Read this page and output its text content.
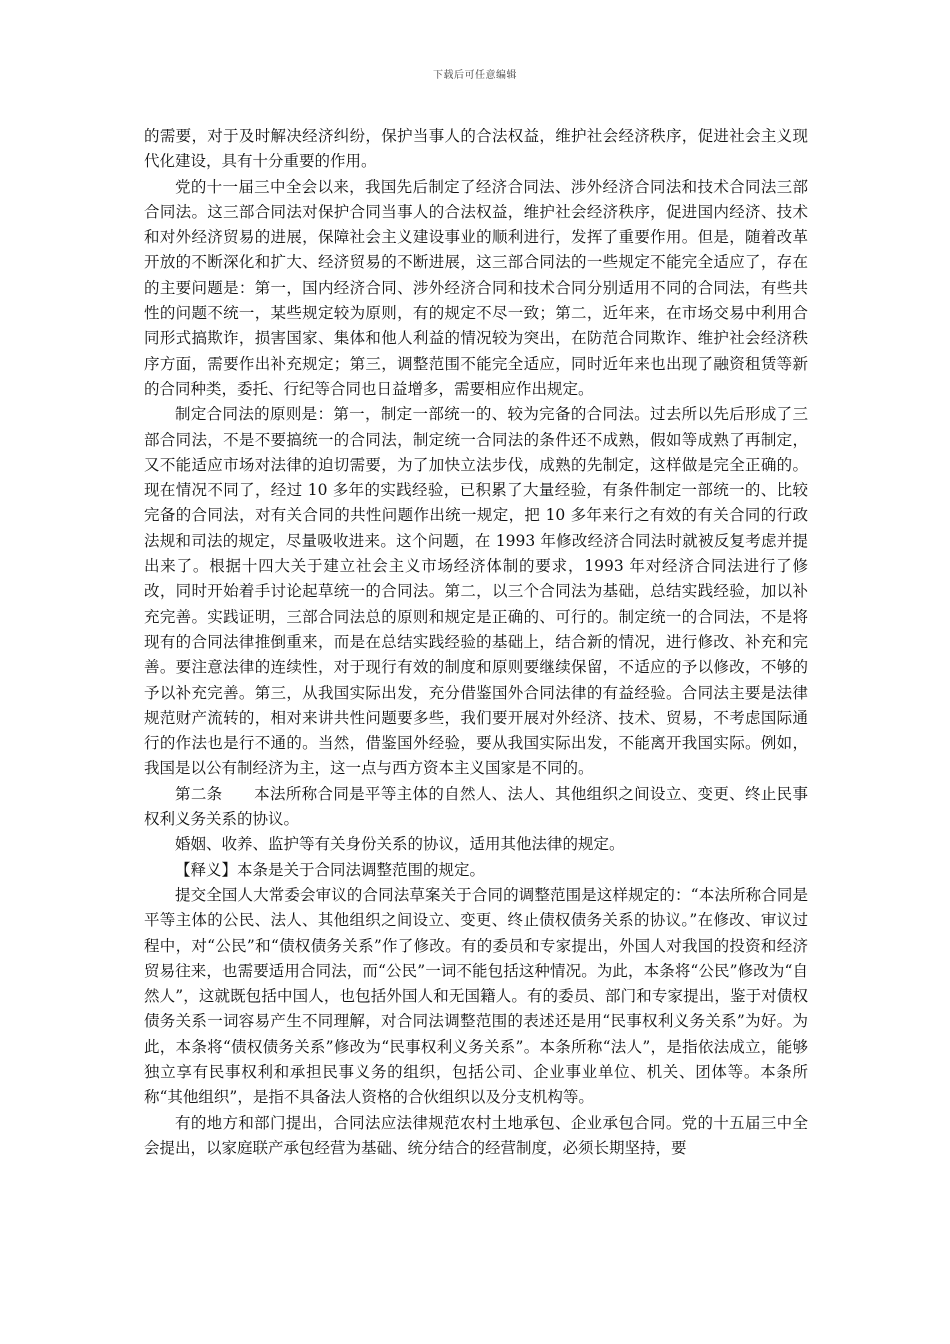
下载后可任意编辑

的需要，对于及时解决经济纠纷，保护当事人的合法权益，维护社会经济秩序，促进社会主义现代化建设，具有十分重要的作用。

党的十一届三中全会以来，我国先后制定了经济合同法、涉外经济合同法和技术合同法三部合同法。这三部合同法对保护合同当事人的合法权益，维护社会经济秩序，促进国内经济、技术和对外经济贸易的进展，保障社会主义建设事业的顺利进行，发挥了重要作用。但是，随着改革开放的不断深化和扩大、经济贸易的不断进展，这三部合同法的一些规定不能完全适应了，存在的主要问题是：第一，国内经济合同、涉外经济合同和技术合同分别适用不同的合同法，有些共性的问题不统一，某些规定较为原则，有的规定不尽一致；第二，近年来，在市场交易中利用合同形式搞欺诈，损害国家、集体和他人利益的情况较为突出，在防范合同欺诈、维护社会经济秩序方面，需要作出补充规定；第三，调整范围不能完全适应，同时近年来也出现了融资租赁等新的合同种类，委托、行纪等合同也日益增多，需要相应作出规定。

制定合同法的原则是：第一，制定一部统一的、较为完备的合同法。过去所以先后形成了三部合同法，不是不要搞统一的合同法，制定统一合同法的条件还不成熟，假如等成熟了再制定，又不能适应市场对法律的迫切需要，为了加快立法步伐，成熟的先制定，这样做是完全正确的。现在情况不同了，经过 10 多年的实践经验，已积累了大量经验，有条件制定一部统一的、比较完备的合同法，对有关合同的共性问题作出统一规定，把 10 多年来行之有效的有关合同的行政法规和司法的规定，尽量吸收进来。这个问题，在 1993 年修改经济合同法时就被反复考虑并提出来了。根据十四大关于建立社会主义市场经济体制的要求，1993 年对经济合同法进行了修改，同时开始着手讨论起草统一的合同法。第二，以三个合同法为基础，总结实践经验，加以补充完善。实践证明，三部合同法总的原则和规定是正确的、可行的。制定统一的合同法，不是将现有的合同法律推倒重来，而是在总结实践经验的基础上，结合新的情况，进行修改、补充和完善。要注意法律的连续性，对于现行有效的制度和原则要继续保留，不适应的予以修改，不够的予以补充完善。第三，从我国实际出发，充分借鉴国外合同法律的有益经验。合同法主要是法律规范财产流转的，相对来讲共性问题要多些，我们要开展对外经济、技术、贸易，不考虑国际通行的作法也是行不通的。当然，借鉴国外经验，要从我国实际出发，不能离开我国实际。例如，我国是以公有制经济为主，这一点与西方资本主义国家是不同的。

第二条　　本法所称合同是平等主体的自然人、法人、其他组织之间设立、变更、终止民事权利义务关系的协议。

婚姻、收养、监护等有关身份关系的协议，适用其他法律的规定。

【释义】本条是关于合同法调整范围的规定。

提交全国人大常委会审议的合同法草案关于合同的调整范围是这样规定的：“本法所称合同是平等主体的公民、法人、其他组织之间设立、变更、终止债权债务关系的协议。”在修改、审议过程中，对“公民”和“债权债务关系”作了修改。有的委员和专家提出，外国人对我国的投资和经济贸易往来，也需要适用合同法，而“公民”一词不能包括这种情况。为此，本条将“公民”修改为“自然人”，这就既包括中国人，也包括外国人和无国籍人。有的委员、部门和专家提出，鉴于对债权债务关系一词容易产生不同理解，对合同法调整范围的表述还是用“民事权利义务关系”为好。为此，本条将“债权债务关系”修改为“民事权利义务关系”。本条所称“法人”，是指依法成立，能够独立享有民事权利和承担民事义务的组织，包括公司、企业事业单位、机关、团体等。本条所称“其他组织”，是指不具备法人资格的合伙组织以及分支机构等。

有的地方和部门提出，合同法应法律规范农村土地承包、企业承包合同。党的十五届三中全会提出，以家庭联产承包经营为基础、统分结合的经营制度，必须长期坚持，要
